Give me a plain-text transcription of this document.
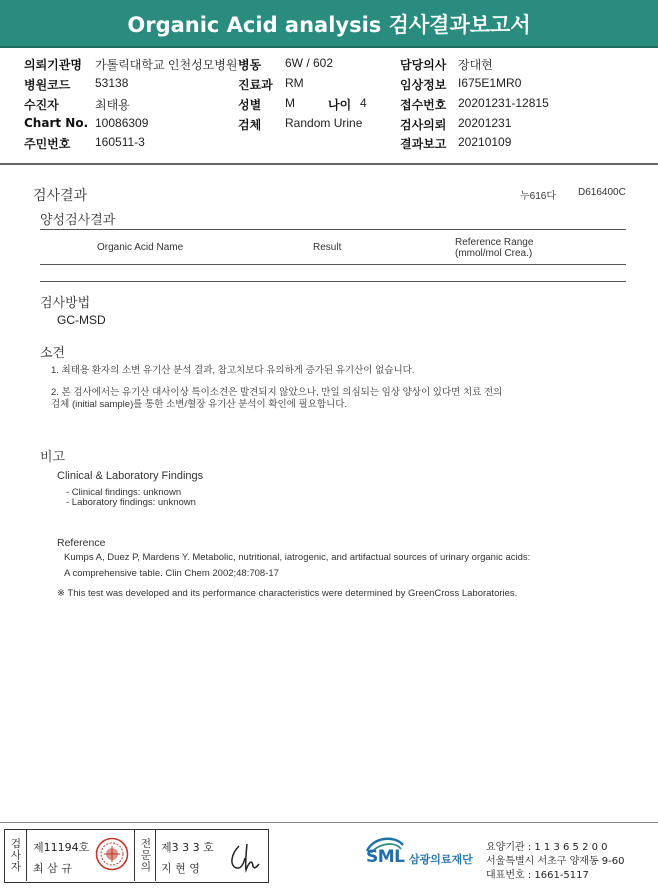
Organic Acid analysis 검사결과보고서
의뢰기관명 가톨릭대학교 인천성모병원 병동 6W / 602	담당의사 장대현
병원코드 53138	진료과 RM	임상정보 I675E1MR0
수진자	최태용	성별 M	나이 4	접수번호 20201231-12815
Chart No. 10086309	검체 Random Urine	검사의뢰 20201231
주민번호 160511-3	결과보고 20210109
검사결과	누616다 D616400C
양성검사결과
Organic Acid Name	Result	Reference Range
(mmol/mol Crea.)
검사방법
GC-MSD
소견
1. 최태용 환자의 소변 유기산 분석 결과, 참고치보다 유의하게 증가된 유기산이 없습니다.
2. 본 검사에서는 유기산 대사이상 특이소견은 발견되지 않았으나, 만일 의심되는 임상 양상이 있다면 치료 전의
검체 (initial sample)를 통한 소변/혈장 유기산 분석이 확인에 필요합니다.
비고
Clinical & Laboratory Findings
- Clinical findings: unknown
- Laboratory findings: unknown
Reference
Kumps A, Duez P, Mardens Y. Metabolic, nutritional, iatrogenic, and artifactual sources of urinary organic acids:
A comprehensive table. Clin Chem 2002;48:708-17
※ This test was developed and its performance characteristics were determined by GreenCross Laboratories.
검사자	제11194호
최 삼 규	전문의 제3 3 3 호
지 현 영
SML 삼광의료재단
요양기관 : 1 1 3 6 5 2 0 0
서울특별시 서초구 양재동 9-60
대표번호 : 1661-5117
